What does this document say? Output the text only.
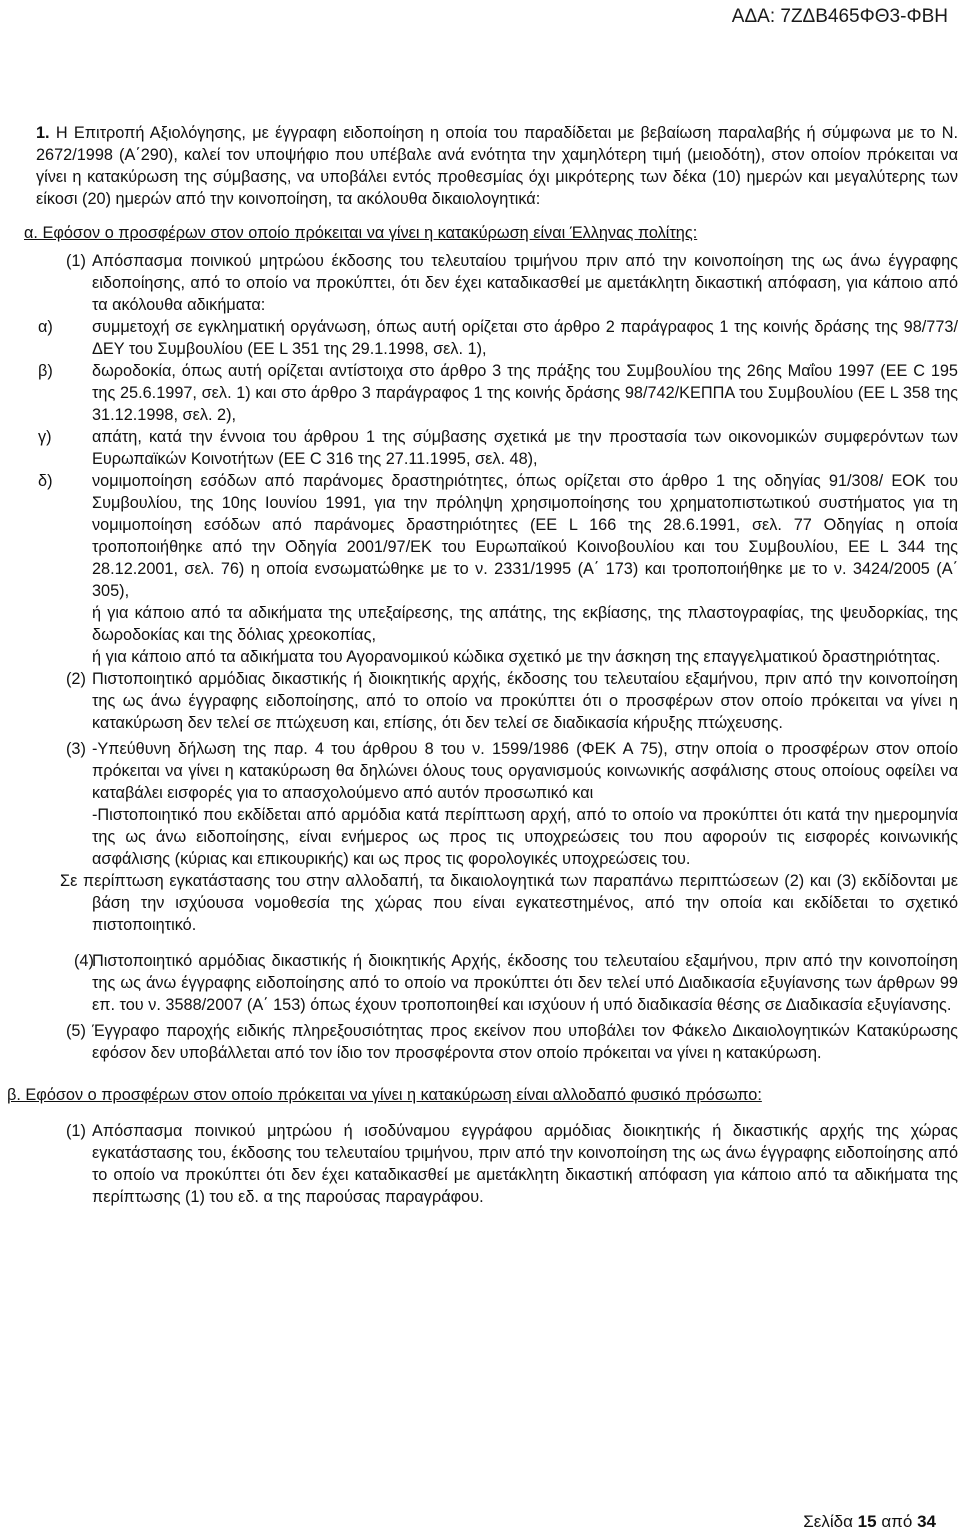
ΑΔΑ: 7ΖΔΒ465ΦΘ3-ΦΒΗ

1. Η Επιτροπή Αξιολόγησης, με έγγραφη ειδοποίηση η οποία του παραδίδεται με βεβαίωση παραλαβής ή σύμφωνα με το Ν. 2672/1998 (Α΄290), καλεί τον υποψήφιο που υπέβαλε ανά ενότητα την χαμηλότερη τιμή (μειοδότη), στον οποίον πρόκειται να γίνει η κατακύρωση της σύμβασης, να υποβάλει εντός προθεσμίας όχι μικρότερης των δέκα (10) ημερών και μεγαλύτερης των είκοσι (20) ημερών από την κοινοποίηση, τα ακόλουθα δικαιολογητικά:

α. Εφόσον ο προσφέρων στον οποίο πρόκειται να γίνει η κατακύρωση είναι Έλληνας πολίτης:

(1) Απόσπασμα ποινικού μητρώου έκδοσης του τελευταίου τριμήνου πριν από την κοινοποίηση της ως άνω έγγραφης ειδοποίησης, από το οποίο να προκύπτει, ότι δεν έχει καταδικασθεί με αμετάκλητη δικαστική απόφαση, για κάποιο από τα ακόλουθα αδικήματα:
α) συμμετοχή σε εγκληματική οργάνωση, όπως αυτή ορίζεται στο άρθρο 2 παράγραφος 1 της κοινής δράσης της 98/773/ΔΕΥ του Συμβουλίου (ΕΕ L 351 της 29.1.1998, σελ. 1),
β) δωροδοκία, όπως αυτή ορίζεται αντίστοιχα στο άρθρο 3 της πράξης του Συμβουλίου της 26ης Μαΐου 1997 (ΕΕ C 195 της 25.6.1997, σελ. 1) και στο άρθρο 3 παράγραφος 1 της κοινής δράσης 98/742/ΚΕΠΠΑ του Συμβουλίου (ΕΕ L 358 της 31.12.1998, σελ. 2),
γ) απάτη, κατά την έννοια του άρθρου 1 της σύμβασης σχετικά με την προστασία των οικονομικών συμφερόντων των Ευρωπαϊκών Κοινοτήτων (ΕΕ C 316 της 27.11.1995, σελ. 48),
δ) νομιμοποίηση εσόδων από παράνομες δραστηριότητες, όπως ορίζεται στο άρθρο 1 της οδηγίας 91/308/ ΕΟΚ του Συμβουλίου, της 10ης Ιουνίου 1991, για την πρόληψη χρησιμοποίησης του χρηματοπιστωτικού συστήματος για τη νομιμοποίηση εσόδων από παράνομες δραστηριότητες (ΕΕ L 166 της 28.6.1991, σελ. 77 Οδηγίας η οποία τροποποιήθηκε από την Οδηγία 2001/97/ΕΚ του Ευρωπαϊκού Κοινοβουλίου και του Συμβουλίου, ΕΕ L 344 της 28.12.2001, σελ. 76) η οποία ενσωματώθηκε με το ν. 2331/1995 (Α΄ 173) και τροποποιήθηκε με το ν. 3424/2005 (Α΄ 305),

ή για κάποιο από τα αδικήματα της υπεξαίρεσης, της απάτης, της εκβίασης, της πλαστογραφίας, της ψευδορκίας, της δωροδοκίας και της δόλιας χρεοκοπίας,

ή για κάποιο από τα αδικήματα του Αγορανομικού κώδικα σχετικό με την άσκηση της επαγγελματικού δραστηριότητας.

(2) Πιστοποιητικό αρμόδιας δικαστικής ή διοικητικής αρχής, έκδοσης του τελευταίου εξαμήνου, πριν από την κοινοποίηση της ως άνω έγγραφης ειδοποίησης, από το οποίο να προκύπτει ότι ο προσφέρων στον οποίο πρόκειται να γίνει η κατακύρωση δεν τελεί σε πτώχευση και, επίσης, ότι δεν τελεί σε διαδικασία κήρυξης πτώχευσης.
(3) -Υπεύθυνη δήλωση της παρ. 4 του άρθρου 8 του ν. 1599/1986 (ΦΕΚ Α 75), στην οποία ο προσφέρων στον οποίο πρόκειται να γίνει η κατακύρωση θα δηλώνει όλους τους οργανισμούς κοινωνικής ασφάλισης στους οποίους οφείλει να καταβάλει εισφορές για το απασχολούμενο από αυτόν προσωπικό και

-Πιστοποιητικό που εκδίδεται από αρμόδια κατά περίπτωση αρχή, από το οποίο να προκύπτει ότι κατά την ημερομηνία της ως άνω ειδοποίησης, είναι ενήμερος ως προς τις υποχρεώσεις του που αφορούν τις εισφορές κοινωνικής ασφάλισης (κύριας και επικουρικής) και ως προς τις φορολογικές υποχρεώσεις του.

Σε περίπτωση εγκατάστασης του στην αλλοδαπή, τα δικαιολογητικά των παραπάνω περιπτώσεων (2) και (3) εκδίδονται με βάση την ισχύουσα νομοθεσία της χώρας που είναι εγκατεστημένος, από την οποία και εκδίδεται το σχετικό πιστοποιητικό.

(4)
Πιστοποιητικό αρμόδιας δικαστικής ή διοικητικής Αρχής, έκδοσης του τελευταίου εξαμήνου, πριν από την κοινοποίηση της ως άνω έγγραφης ειδοποίησης από το οποίο να προκύπτει ότι δεν τελεί υπό Διαδικασία εξυγίανσης των άρθρων 99 επ. του ν. 3588/2007 (Α΄ 153) όπως έχουν τροποποιηθεί και ισχύουν ή υπό διαδικασία θέσης σε Διαδικασία εξυγίανσης.
(5) Έγγραφο παροχής ειδικής πληρεξουσιότητας προς εκείνον που υποβάλει τον Φάκελο Δικαιολογητικών Κατακύρωσης εφόσον δεν υποβάλλεται από τον ίδιο τον προσφέροντα στον οποίο πρόκειται να γίνει η κατακύρωση.

β. Εφόσον ο προσφέρων στον οποίο πρόκειται να γίνει η κατακύρωση είναι αλλοδαπό φυσικό πρόσωπο:

(1) Απόσπασμα ποινικού μητρώου ή ισοδύναμου εγγράφου αρμόδιας διοικητικής ή δικαστικής αρχής της χώρας εγκατάστασης του, έκδοσης του τελευταίου τριμήνου, πριν από την κοινοποίηση της ως άνω έγγραφης ειδοποίησης από το οποίο να προκύπτει ότι δεν έχει καταδικασθεί με αμετάκλητη δικαστική απόφαση για κάποιο από τα αδικήματα της περίπτωσης (1) του εδ. α της παρούσας παραγράφου.
Σελίδα 15 από 34
